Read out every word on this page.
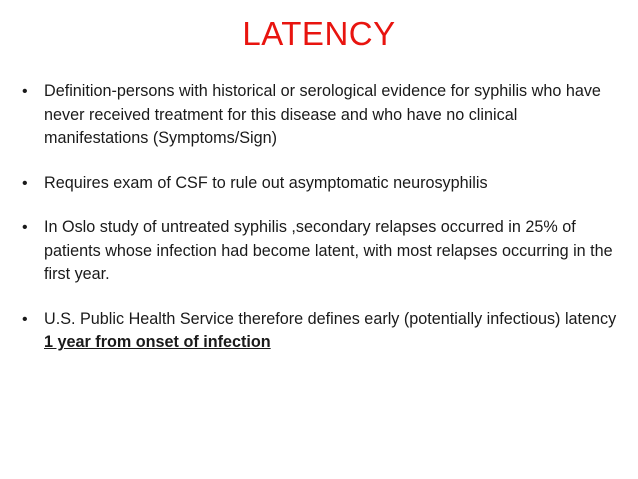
LATENCY
• Definition-persons with historical or serological evidence for syphilis who have never received treatment for this disease and who have no clinical manifestations (Symptoms/Sign)
• Requires exam of CSF to rule out asymptomatic neurosyphilis
• In Oslo study of untreated syphilis ,secondary relapses occurred in 25% of patients whose infection had become latent, with most relapses occurring in the first year.
• U.S. Public Health Service therefore defines early (potentially infectious) latency 1 year from onset of infection
